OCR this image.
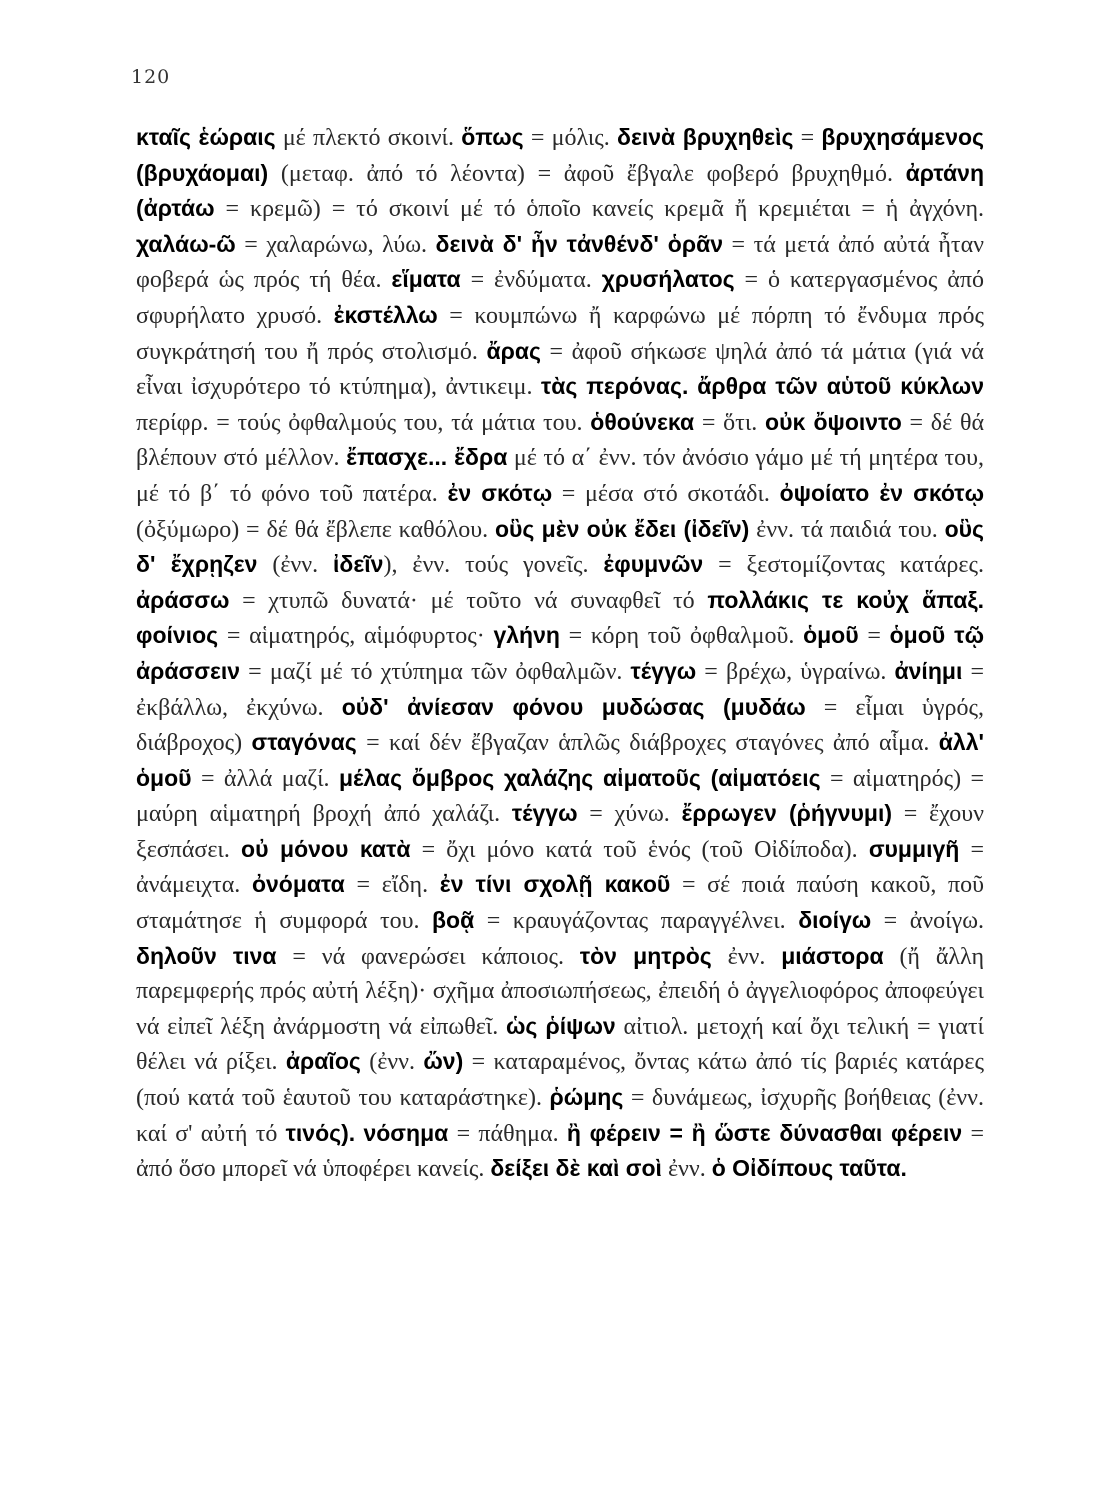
120

κταῖς ἑώραις μέ πλεκτό σκοινί. ὅπως = μόλις. δεινὰ βρυχηθεὶς = βρυχησάμενος (βρυχάομαι) (μεταφ. ἀπό τό λέοντα) = ἀφοῦ ἔβγαλε φοβερό βρυχηθμό. ἀρτάνη (ἀρτάω = κρεμῶ) = τό σκοινί μέ τό ὁποῖο κανείς κρεμᾶ ἤ κρεμιέται = ἡ ἀγχόνη. χαλάω-ῶ = χαλαρώνω, λύω. δεινὰ δ' ἦν τἀνθένδ' ὁρᾶν = τά μετά ἀπό αὐτά ἦταν φοβερά ὡς πρός τή θέα. εἵματα = ἐνδύματα. χρυσήλατος = ὁ κατεργασμένος ἀπό σφυρήλατο χρυσό. ἐκστέλλω = κουμπώνω ἤ καρφώνω μέ πόρπη τό ἔνδυμα πρός συγκράτησή του ἤ πρός στολισμό. ἄρας = ἀφοῦ σήκωσε ψηλά ἀπό τά μάτια (γιά νά εἶναι ἰσχυρότερο τό κτύπημα), ἀντικειμ. τὰς περόνας. ἄρθρα τῶν αὑτοῦ κύκλων περίφρ. = τούς ὀφθαλμούς του, τά μάτια του. ὁθούνεκα = ὅτι. οὐκ ὄψοιντο = δέ θά βλέπουν στό μέλλον. ἔπασχε... ἔδρα μέ τό α΄ ἐνν. τόν ἀνόσιο γάμο μέ τή μητέρα του, μέ τό β΄ τό φόνο τοῦ πατέρα. ἐν σκότῳ = μέσα στό σκοτάδι. ὀψοίατο ἐν σκότῳ (ὀξύμωρο) = δέ θά ἔβλεπε καθόλου. οὓς μὲν οὐκ ἔδει (ἰδεῖν) ἐνν. τά παιδιά του. οὓς δ' ἔχρῃζεν (ἐνν. ἰδεῖν), ἐνν. τούς γονεῖς. ἐφυμνῶν = ξεστομίζοντας κατάρες. ἀράσσω = χτυπῶ δυνατά· μέ τοῦτο νά συναφθεῖ τό πολλάκις τε κοὐχ ἅπαξ. φοίνιος = αἱματηρός, αἱμόφυρτος· γλήνη = κόρη τοῦ ὀφθαλμοῦ. ὁμοῦ = ὁμοῦ τῷ ἀράσσειν = μαζί μέ τό χτύπημα τῶν ὀφθαλμῶν. τέγγω = βρέχω, ὑγραίνω. ἀνίημι = ἐκβάλλω, ἐκχύνω. οὐδ' ἀνίεσαν φόνου μυδώσας (μυδάω = εἶμαι ὑγρός, διάβροχος) σταγόνας = καί δέν ἔβγαζαν ἁπλῶς διάβροχες σταγόνες ἀπό αἷμα. ἀλλ' ὁμοῦ = ἀλλά μαζί. μέλας ὄμβρος χαλάζης αἱματοῦς (αἱματόεις = αἱματηρός) = μαύρη αἱματηρή βροχή ἀπό χαλάζι. τέγγω = χύνω. ἔρρωγεν (ῥήγνυμι) = ἔχουν ξεσπάσει. οὐ μόνου κατὰ = ὄχι μόνο κατά τοῦ ἑνός (τοῦ Οἰδίποδα). συμμιγῆ = ἀνάμειχτα. ὀνόματα = εἴδη. ἐν τίνι σχολῇ κακοῦ = σέ ποιά παύση κακοῦ, ποῦ σταμάτησε ἡ συμφορά του. βοᾷ = κραυγάζοντας παραγγέλνει. διοίγω = ἀνοίγω. δηλοῦν τινα = νά φανερώσει κάποιος. τὸν μητρὸς ἐνν. μιάστορα (ἤ ἄλλη παρεμφερής πρός αὐτή λέξη)· σχῆμα ἀποσιωπήσεως, ἐπειδή ὁ ἀγγελιοφόρος ἀποφεύγει νά εἰπεῖ λέξη ἀνάρμοστη νά εἰπωθεῖ. ὡς ῥίψων αἰτιολ. μετοχή καί ὄχι τελική = γιατί θέλει νά ρίξει. ἀραῖος (ἐνν. ὤν) = καταραμένος, ὄντας κάτω ἀπό τίς βαριές κατάρες (πού κατά τοῦ ἑαυτοῦ του καταράστηκε). ῥώμης = δυνάμεως, ἰσχυρῆς βοήθειας (ἐνν. καί σ' αὐτή τό τινός). νόσημα = πάθημα. ἢ φέρειν = ἢ ὥστε δύνασθαι φέρειν = ἀπό ὅσο μπορεῖ νά ὑποφέρει κανείς. δείξει δὲ καὶ σοὶ ἐνν. ὁ Οἰδίπους ταῦτα.
